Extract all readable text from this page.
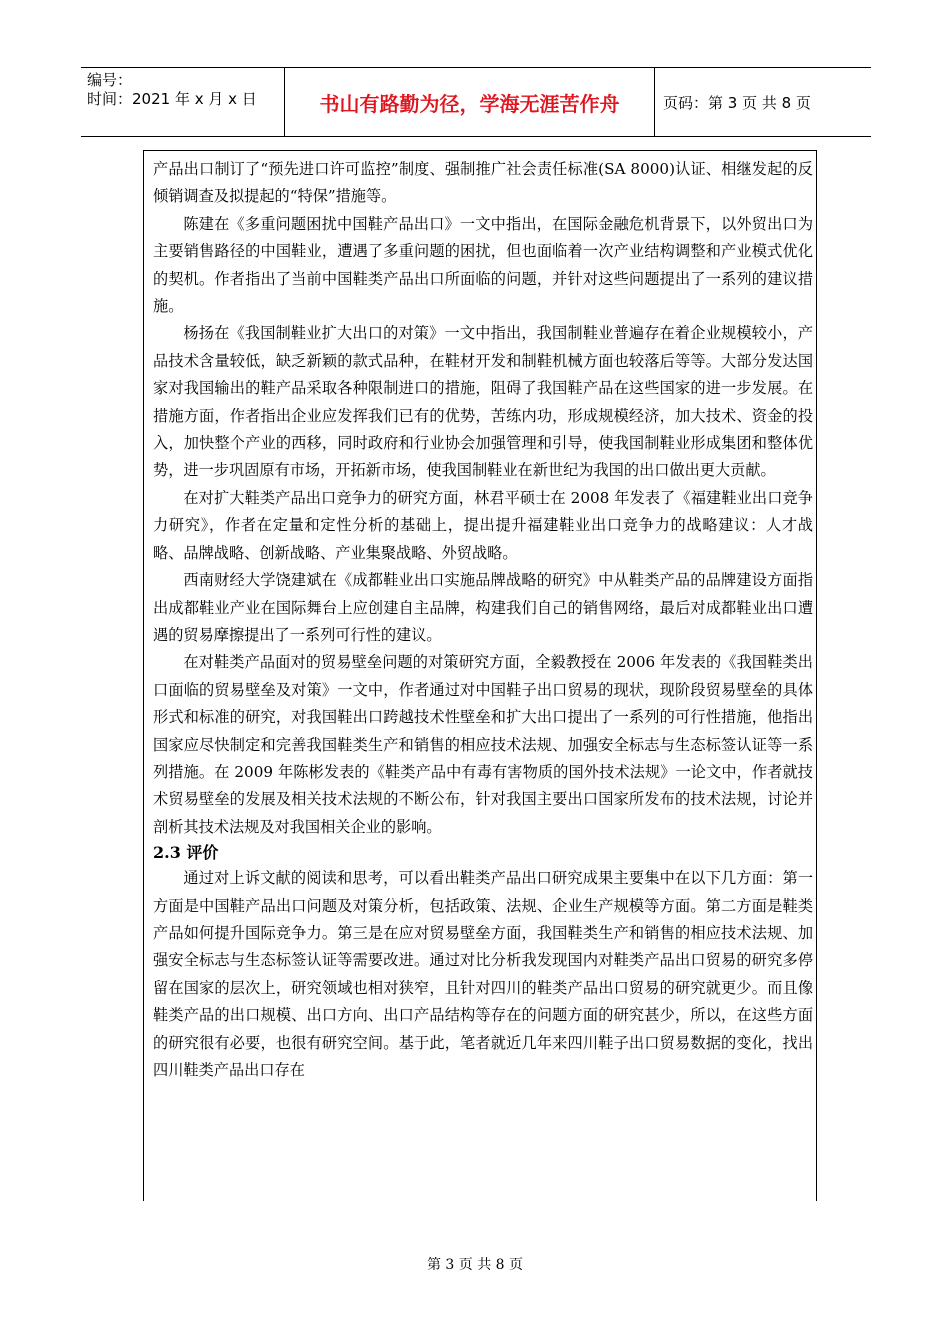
编号：
时间：2021 年 x 月 x 日	书山有路勤为径，学海无涯苦作舟	页码：第 3 页 共 8 页

产品出口制订了“预先进口许可监控”制度、强制推广社会责任标准(SA 8000)认证、相继发起的反倾销调查及拟提起的“特保”措施等。

陈建在《多重问题困扰中国鞋产品出口》一文中指出，在国际金融危机背景下，以外贸出口为主要销售路径的中国鞋业，遭遇了多重问题的困扰，但也面临着一次产业结构调整和产业模式优化的契机。作者指出了当前中国鞋类产品出口所面临的问题，并针对这些问题提出了一系列的建议措施。

杨扬在《我国制鞋业扩大出口的对策》一文中指出，我国制鞋业普遍存在着企业规模较小，产品技术含量较低，缺乏新颖的款式品种，在鞋材开发和制鞋机械方面也较落后等等。大部分发达国家对我国输出的鞋产品采取各种限制进口的措施，阻碍了我国鞋产品在这些国家的进一步发展。在措施方面，作者指出企业应发挥我们已有的优势，苦练内功，形成规模经济，加大技术、资金的投入，加快整个产业的西移，同时政府和行业协会加强管理和引导，使我国制鞋业形成集团和整体优势，进一步巩固原有市场，开拓新市场，使我国制鞋业在新世纪为我国的出口做出更大贡献。

在对扩大鞋类产品出口竞争力的研究方面，林君平硕士在 2008 年发表了《福建鞋业出口竞争力研究》，作者在定量和定性分析的基础上，提出提升福建鞋业出口竞争力的战略建议：人才战略、品牌战略、创新战略、产业集聚战略、外贸战略。

西南财经大学饶建斌在《成都鞋业出口实施品牌战略的研究》中从鞋类产品的品牌建设方面指出成都鞋业产业在国际舞台上应创建自主品牌，构建我们自己的销售网络，最后对成都鞋业出口遭遇的贸易摩擦提出了一系列可行性的建议。

在对鞋类产品面对的贸易壁垒问题的对策研究方面，全毅教授在 2006 年发表的《我国鞋类出口面临的贸易壁垒及对策》一文中，作者通过对中国鞋子出口贸易的现状，现阶段贸易壁垒的具体形式和标准的研究，对我国鞋出口跨越技术性壁垒和扩大出口提出了一系列的可行性措施，他指出国家应尽快制定和完善我国鞋类生产和销售的相应技术法规、加强安全标志与生态标签认证等一系列措施。在 2009 年陈彬发表的《鞋类产品中有毒有害物质的国外技术法规》一论文中，作者就技术贸易壁垒的发展及相关技术法规的不断公布，针对我国主要出口国家所发布的技术法规，讨论并剖析其技术法规及对我国相关企业的影响。

2.3 评价

通过对上诉文献的阅读和思考，可以看出鞋类产品出口研究成果主要集中在以下几方面：第一方面是中国鞋产品出口问题及对策分析，包括政策、法规、企业生产规模等方面。第二方面是鞋类产品如何提升国际竞争力。第三是在应对贸易壁垒方面，我国鞋类生产和销售的相应技术法规、加强安全标志与生态标签认证等需要改进。通过对比分析我发现国内对鞋类产品出口贸易的研究多停留在国家的层次上，研究领域也相对狭窄，且针对四川的鞋类产品出口贸易的研究就更少。而且像鞋类产品的出口规模、出口方向、出口产品结构等存在的问题方面的研究甚少，所以，在这些方面的研究很有必要，也很有研究空间。基于此，笔者就近几年来四川鞋子出口贸易数据的变化，找出四川鞋类产品出口存在

第 3 页 共 8 页
